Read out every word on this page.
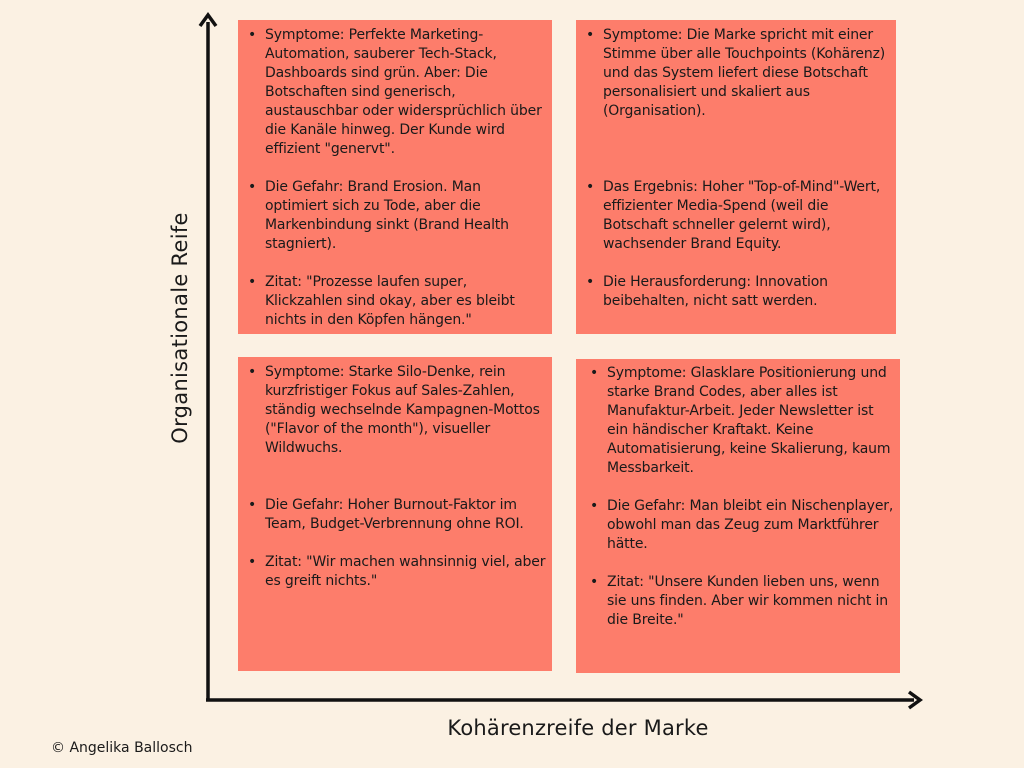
• Symptome: Perfekte Marketing-Automation, sauberer Tech-Stack, Dashboards sind grün. Aber: Die Botschaften sind generisch, austauschbar oder widersprüchlich über die Kanäle hinweg. Der Kunde wird effizient "genervt".
• Die Gefahr: Brand Erosion. Man optimiert sich zu Tode, aber die Markenbindung sinkt (Brand Health stagniert).
• Zitat: "Prozesse laufen super, Klickzahlen sind okay, aber es bleibt nichts in den Köpfen hängen."
• Symptome: Die Marke spricht mit einer Stimme über alle Touchpoints (Kohärenz) und das System liefert diese Botschaft personalisiert und skaliert aus (Organisation).
• Das Ergebnis: Hoher "Top-of-Mind"-Wert, effizienter Media-Spend (weil die Botschaft schneller gelernt wird), wachsender Brand Equity.
• Die Herausforderung: Innovation beibehalten, nicht satt werden.
• Symptome: Starke Silo-Denke, rein kurzfristiger Fokus auf Sales-Zahlen, ständig wechselnde Kampagnen-Mottos ("Flavor of the month"), visueller Wildwuchs.
• Die Gefahr: Hoher Burnout-Faktor im Team, Budget-Verbrennung ohne ROI.
• Zitat: "Wir machen wahnsinnig viel, aber es greift nichts."
• Symptome: Glasklare Positionierung und starke Brand Codes, aber alles ist Manufaktur-Arbeit. Jeder Newsletter ist ein händischer Kraftakt. Keine Automatisierung, keine Skalierung, kaum Messbarkeit.
• Die Gefahr: Man bleibt ein Nischenplayer, obwohl man das Zeug zum Marktführer hätte.
• Zitat: "Unsere Kunden lieben uns, wenn sie uns finden. Aber wir kommen nicht in die Breite."
Organisationale Reife
Kohärenzreife der Marke
© Angelika Ballosch
